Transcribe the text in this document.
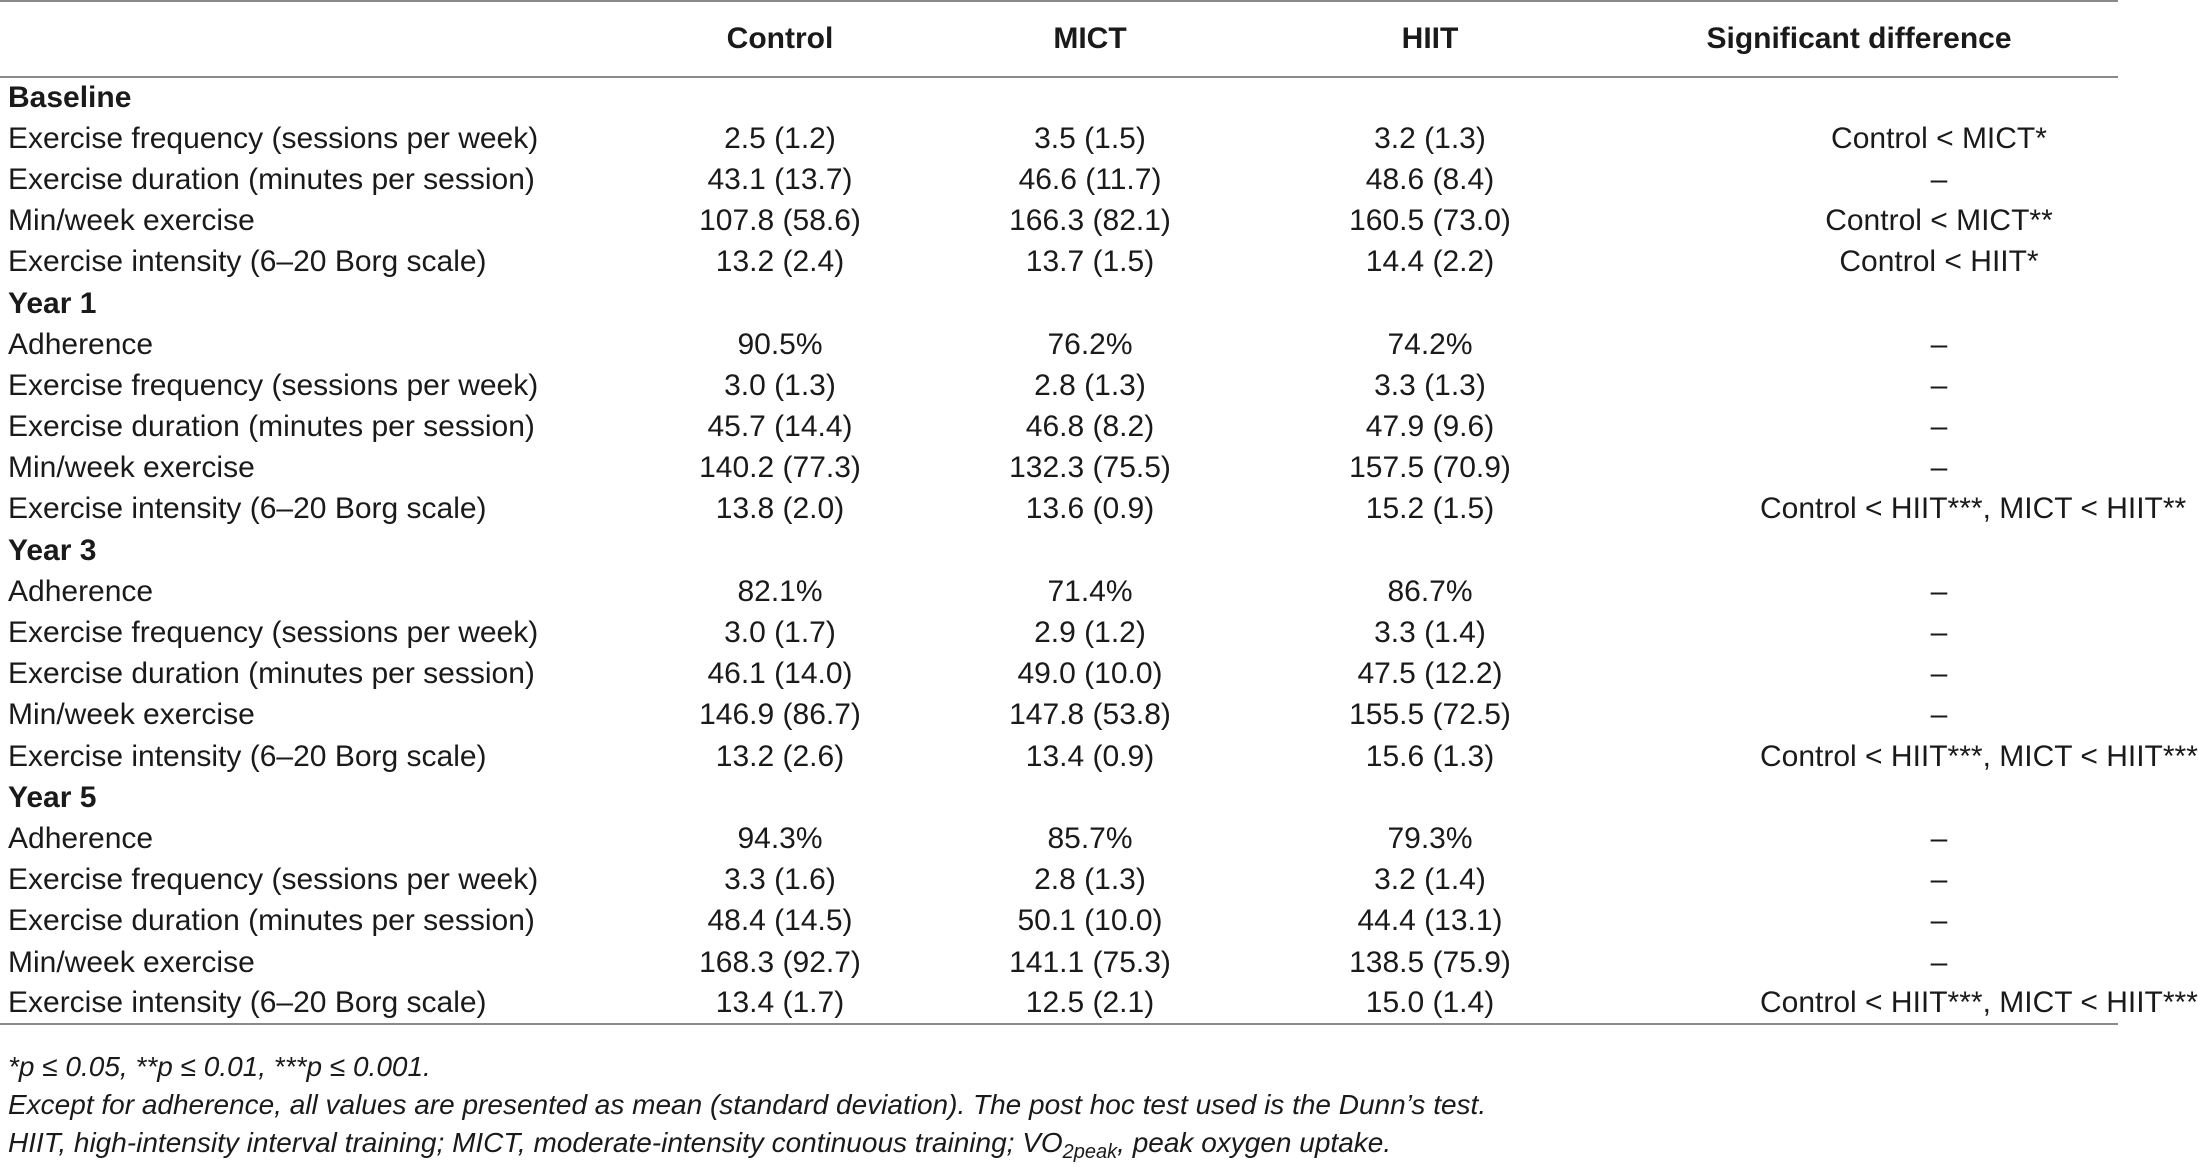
	Control	MICT	HIIT	Significant difference
Baseline				
Exercise frequency (sessions per week)	2.5 (1.2)	3.5 (1.5)	3.2 (1.3)	Control < MICT*
Exercise duration (minutes per session)	43.1 (13.7)	46.6 (11.7)	48.6 (8.4)	–
Min/week exercise	107.8 (58.6)	166.3 (82.1)	160.5 (73.0)	Control < MICT**
Exercise intensity (6–20 Borg scale)	13.2 (2.4)	13.7 (1.5)	14.4 (2.2)	Control < HIIT*
Year 1				
Adherence	90.5%	76.2%	74.2%	–
Exercise frequency (sessions per week)	3.0 (1.3)	2.8 (1.3)	3.3 (1.3)	–
Exercise duration (minutes per session)	45.7 (14.4)	46.8 (8.2)	47.9 (9.6)	–
Min/week exercise	140.2 (77.3)	132.3 (75.5)	157.5 (70.9)	–
Exercise intensity (6–20 Borg scale)	13.8 (2.0)	13.6 (0.9)	15.2 (1.5)	Control < HIIT***, MICT < HIIT**
Year 3				
Adherence	82.1%	71.4%	86.7%	–
Exercise frequency (sessions per week)	3.0 (1.7)	2.9 (1.2)	3.3 (1.4)	–
Exercise duration (minutes per session)	46.1 (14.0)	49.0 (10.0)	47.5 (12.2)	–
Min/week exercise	146.9 (86.7)	147.8 (53.8)	155.5 (72.5)	–
Exercise intensity (6–20 Borg scale)	13.2 (2.6)	13.4 (0.9)	15.6 (1.3)	Control < HIIT***, MICT < HIIT***
Year 5				
Adherence	94.3%	85.7%	79.3%	–
Exercise frequency (sessions per week)	3.3 (1.6)	2.8 (1.3)	3.2 (1.4)	–
Exercise duration (minutes per session)	48.4 (14.5)	50.1 (10.0)	44.4 (13.1)	–
Min/week exercise	168.3 (92.7)	141.1 (75.3)	138.5 (75.9)	–
Exercise intensity (6–20 Borg scale)	13.4 (1.7)	12.5 (2.1)	15.0 (1.4)	Control < HIIT***, MICT < HIIT***
*p ≤ 0.05, **p ≤ 0.01, ***p ≤ 0.001.
Except for adherence, all values are presented as mean (standard deviation). The post hoc test used is the Dunn’s test.
HIIT, high-intensity interval training; MICT, moderate-intensity continuous training; $VO_{2peak}$, peak oxygen uptake.
